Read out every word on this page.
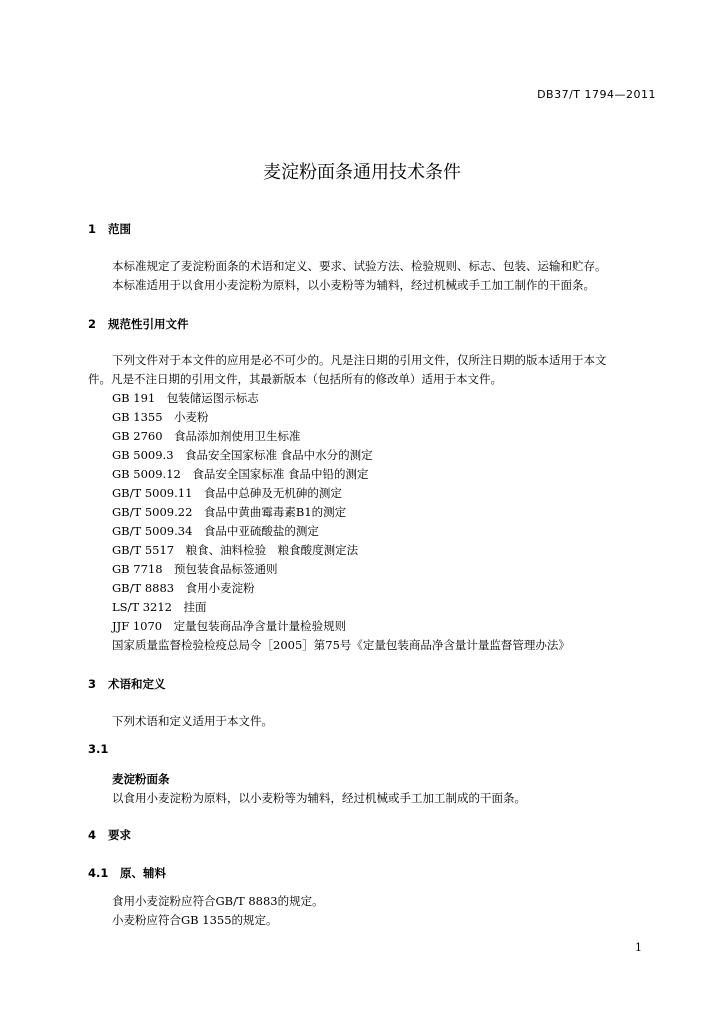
DB37/T 1794—2011
麦淀粉面条通用技术条件
1 范围
本标准规定了麦淀粉面条的术语和定义、要求、试验方法、检验规则、标志、包装、运输和贮存。
本标准适用于以食用小麦淀粉为原料，以小麦粉等为辅料，经过机械或手工加工制作的干面条。
2 规范性引用文件
下列文件对于本文件的应用是必不可少的。凡是注日期的引用文件，仅所注日期的版本适用于本文
件。凡是不注日期的引用文件，其最新版本（包括所有的修改单）适用于本文件。
GB 191　包装储运图示标志
GB 1355　小麦粉
GB 2760　食品添加剂使用卫生标准
GB 5009.3　食品安全国家标准 食品中水分的测定
GB 5009.12　食品安全国家标准 食品中铅的测定
GB/T 5009.11　食品中总砷及无机砷的测定
GB/T 5009.22　食品中黄曲霉毒素B1的测定
GB/T 5009.34　食品中亚硫酸盐的测定
GB/T 5517　粮食、油料检验　粮食酸度测定法
GB 7718　预包装食品标签通则
GB/T 8883　食用小麦淀粉
LS/T 3212　挂面
JJF 1070　定量包装商品净含量计量检验规则
国家质量监督检验检疫总局令［2005］第75号《定量包装商品净含量计量监督管理办法》
3 术语和定义
下列术语和定义适用于本文件。
3.1
麦淀粉面条
以食用小麦淀粉为原料，以小麦粉等为辅料，经过机械或手工加工制成的干面条。
4 要求
4.1 原、辅料
食用小麦淀粉应符合GB/T 8883的规定。
小麦粉应符合GB 1355的规定。
1
